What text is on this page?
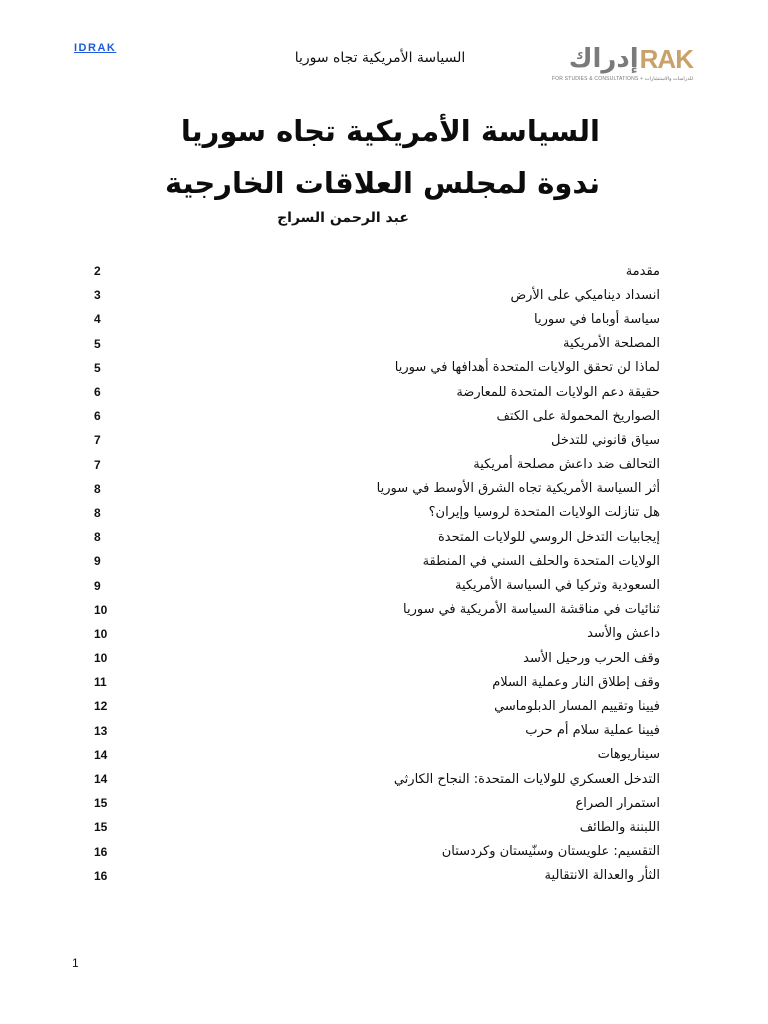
IDRAK
السياسة الأمريكية تجاه سوريا	إدراك RAK
FOR STUDIES & CONSULTATIONS + للدراسات والاستشارات
السياسة الأمريكية تجاه سوريا
ندوة لمجلس العلاقات الخارجية
عبد الرحمن السراج
2	مقدمة
3	انسداد ديناميكي على الأرض
4	سياسة أوباما في سوريا
5	المصلحة الأمريكية
5	لماذا لن تحقق الولايات المتحدة أهدافها في سوريا
6	حقيقة دعم الولايات المتحدة للمعارضة
6	الصواريخ المحمولة على الكتف
7	سياق قانوني للتدخل
7	التحالف ضد داعش مصلحة أمريكية
8	أثر السياسة الأمريكية تجاه الشرق الأوسط في سوريا
8	هل تنازلت الولايات المتحدة لروسيا وإيران؟
8	إيجابيات التدخل الروسي للولايات المتحدة
9	الولايات المتحدة والحلف السني في المنطقة
9	السعودية وتركيا في السياسة الأمريكية
10	ثنائيات في مناقشة السياسة الأمريكية في سوريا
10	داعش والأسد
10	وقف الحرب ورحيل الأسد
11	وقف إطلاق النار وعملية السلام
12	فيينا وتقييم المسار الدبلوماسي
13	فيينا عملية سلام أم حرب
14	سيناريوهات
14	التدخل العسكري للولايات المتحدة: النجاح الكارثي
15	استمرار الصراع
15	اللبننة والطائف
16	التقسيم: علويستان وسنّيستان وكردستان
16	الثأر والعدالة الانتقالية
1
